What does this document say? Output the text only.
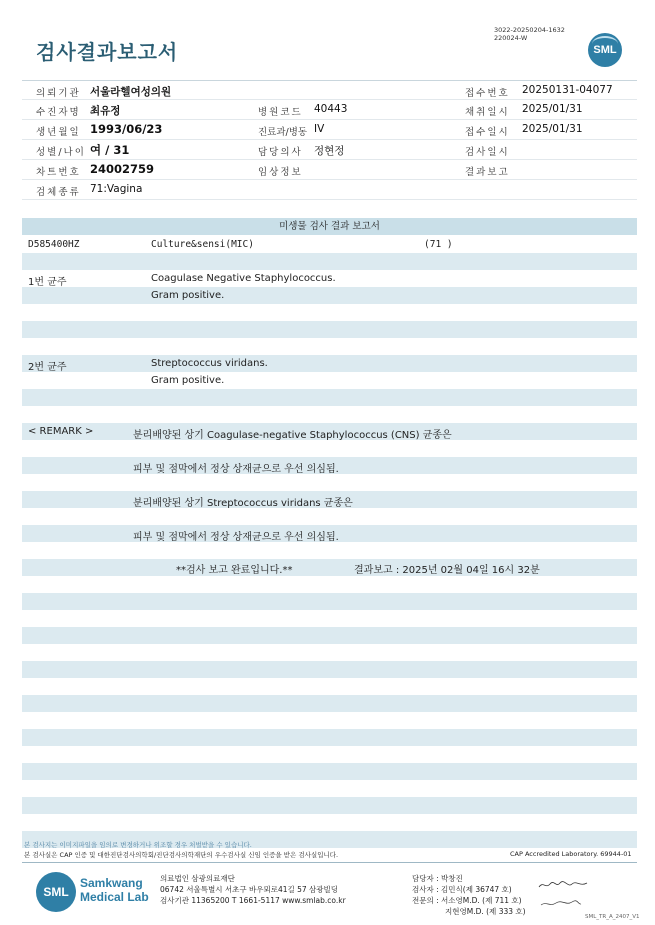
검사결과보고서
3022-20250204-1632
220024-W
SML
의뢰기관 서울라헬여성의원	접수번호 20250131-04077
수진자명 최유정	병원코드 40443	채취일시 2025/01/31
생년월일 1993/06/23	진료과/병동 IV	접수일시 2025/01/31
성별/나이 여 / 31	담당의사 정현정	검사일시
차트번호 24002759	임상정보	결과보고
검체종류 71:Vagina
미생물 검사 결과 보고서
D585400HZ	Culture&sensi(MIC)	(71 )
1번 균주	Coagulase Negative Staphylococcus.
Gram positive.
2번 균주	Streptococcus viridans.
Gram positive.
< REMARK >	분리배양된 상기 Coagulase-negative Staphylococcus (CNS) 균종은
피부 및 점막에서 정상 상재균으로 우선 의심됨.
분리배양된 상기 Streptococcus viridans 균종은
피부 및 점막에서 정상 상재균으로 우선 의심됨.
**검사 보고 완료입니다.**	결과보고 : 2025년 02월 04일 16시 32분
본 검사지는 이미지파일을 임의로 변경하거나 위조할 경우 처벌받을 수 있습니다.
본 검사실은 CAP 인증 및 대한진단검사의학회/진단검사의학재단의 우수검사실 신임 인증을 받은 검사실입니다.	CAP Accredited Laboratory. 69944-01
SML
Samkwang
Medical Lab
의료법인 삼광의료재단
06742 서울특별시 서초구 바우뫼로41길 57 삼광빌딩
검사기관 11365200 T 1661-5117 www.smlab.co.kr
담당자 : 박창진
검사자 : 김민식(제 36747 호)
전문의 : 서소영M.D. (제 711 호)
지현영M.D. (제 333 호)
SML_TR_A_2407_V1
